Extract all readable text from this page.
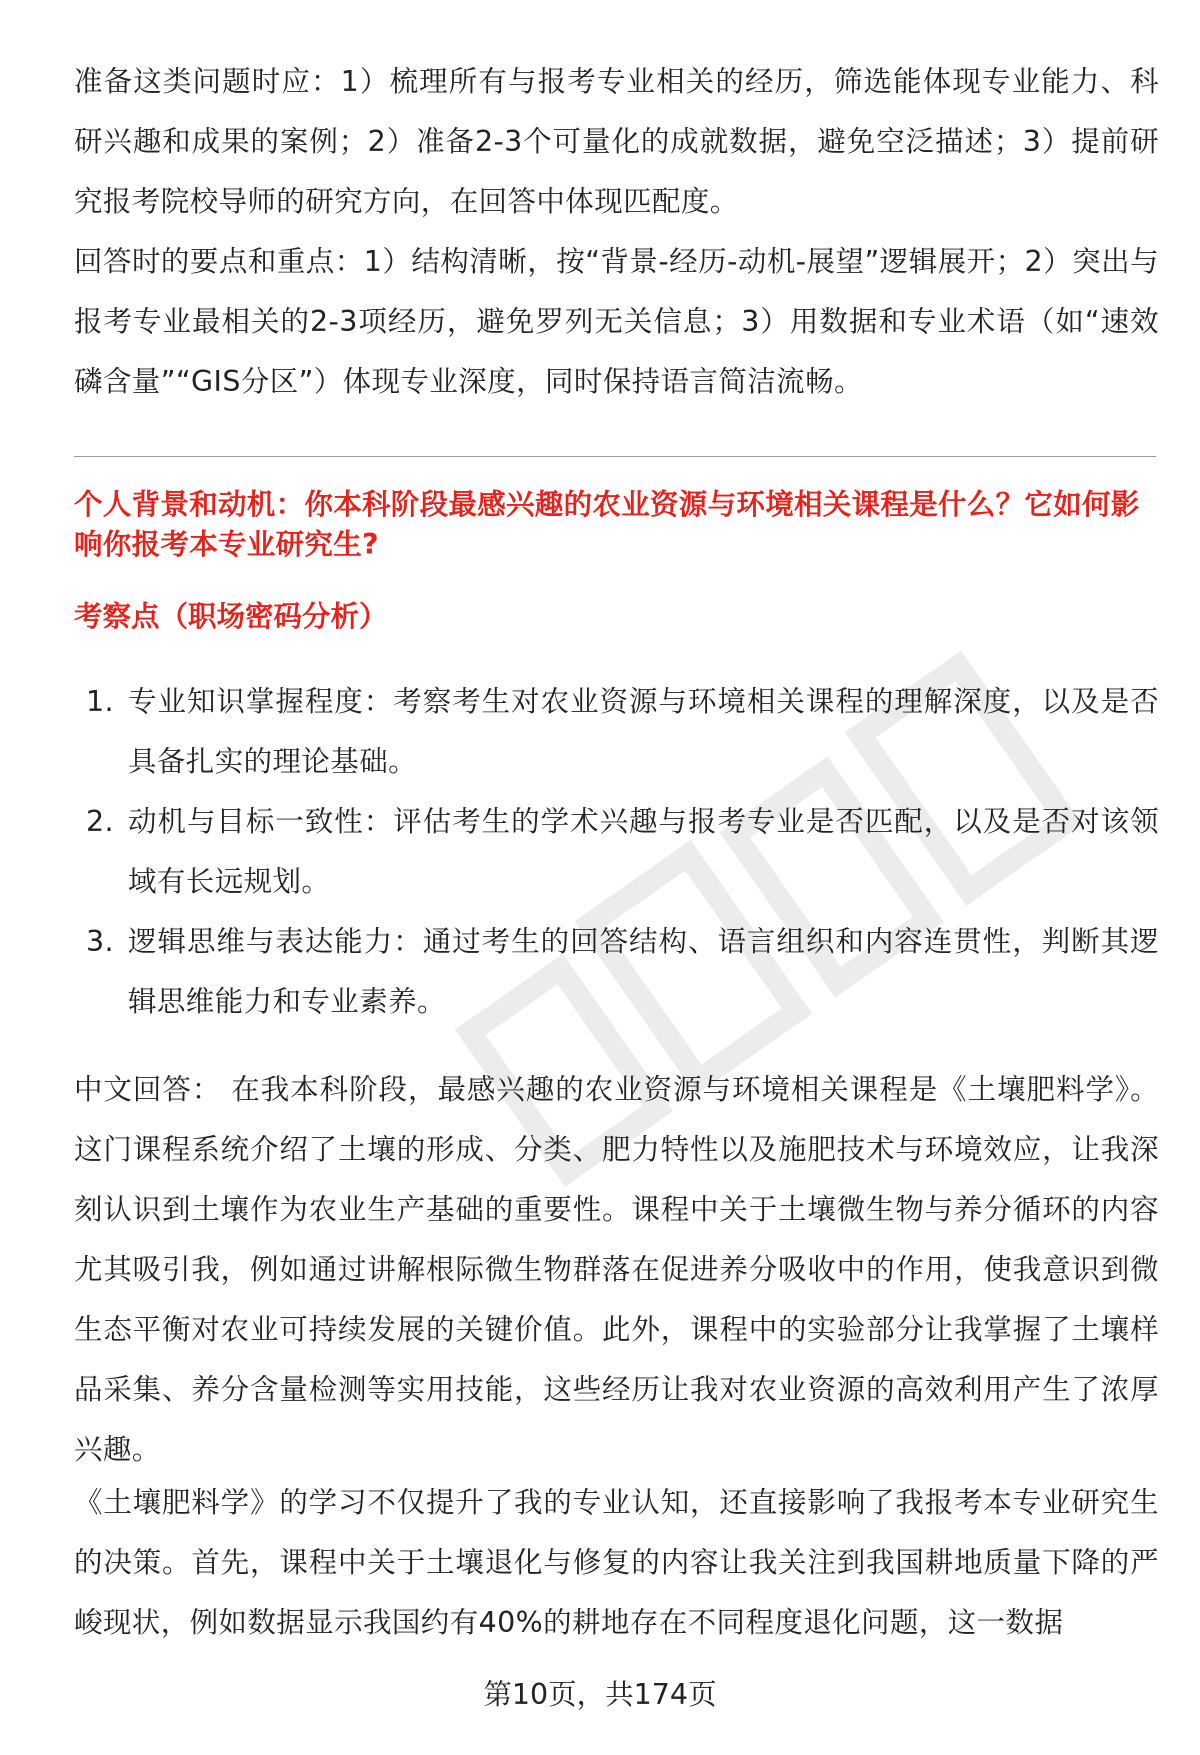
准备这类问题时应：1）梳理所有与报考专业相关的经历，筛选能体现专业能力、科研兴趣和成果的案例；2）准备2-3个可量化的成就数据，避免空泛描述；3）提前研究报考院校导师的研究方向，在回答中体现匹配度。

回答时的要点和重点：1）结构清晰，按“背景-经历-动机-展望”逻辑展开；2）突出与报考专业最相关的2-3项经历，避免罗列无关信息；3）用数据和专业术语（如“速效磷含量”“GIS分区”）体现专业深度，同时保持语言简洁流畅。

个人背景和动机：你本科阶段最感兴趣的农业资源与环境相关课程是什么？它如何影响你报考本专业研究生?

考察点（职场密码分析）

1. 专业知识掌握程度：考察考生对农业资源与环境相关课程的理解深度，以及是否具备扎实的理论基础。
2. 动机与目标一致性：评估考生的学术兴趣与报考专业是否匹配，以及是否对该领域有长远规划。
3. 逻辑思维与表达能力：通过考生的回答结构、语言组织和内容连贯性，判断其逻辑思维能力和专业素养。

中文回答： 在我本科阶段，最感兴趣的农业资源与环境相关课程是《土壤肥料学》。这门课程系统介绍了土壤的形成、分类、肥力特性以及施肥技术与环境效应，让我深刻认识到土壤作为农业生产基础的重要性。课程中关于土壤微生物与养分循环的内容尤其吸引我，例如通过讲解根际微生物群落在促进养分吸收中的作用，使我意识到微生态平衡对农业可持续发展的关键价值。此外，课程中的实验部分让我掌握了土壤样品采集、养分含量检测等实用技能，这些经历让我对农业资源的高效利用产生了浓厚兴趣。

《土壤肥料学》的学习不仅提升了我的专业认知，还直接影响了我报考本专业研究生的决策。首先，课程中关于土壤退化与修复的内容让我关注到我国耕地质量下降的严峻现状，例如数据显示我国约有40%的耕地存在不同程度退化问题，这一数据

第10页，共174页
